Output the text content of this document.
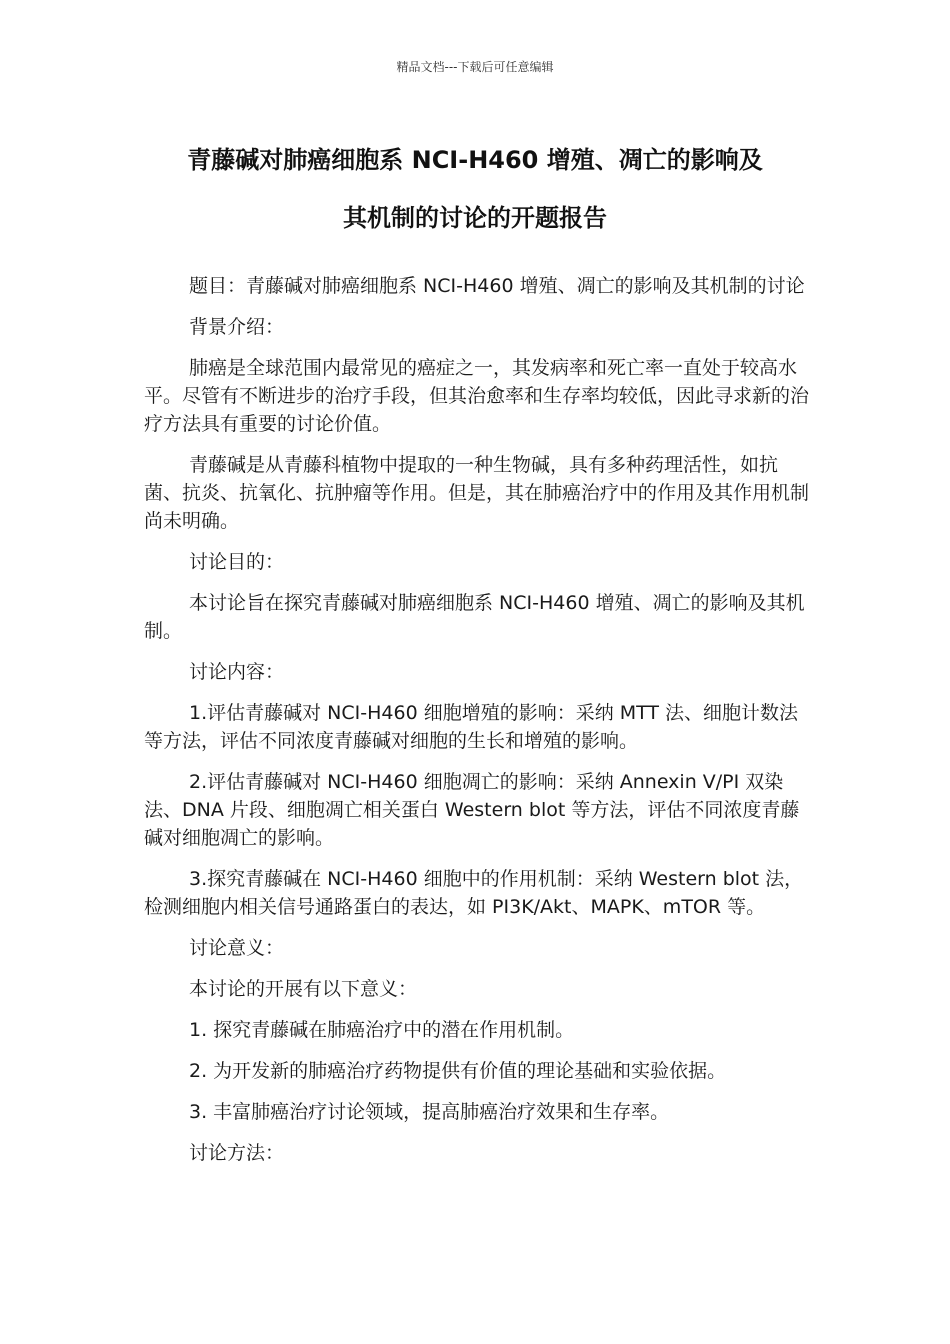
精品文档---下载后可任意编辑
青藤碱对肺癌细胞系 NCI-H460 增殖、凋亡的影响及
其机制的讨论的开题报告

题目：青藤碱对肺癌细胞系 NCI-H460 增殖、凋亡的影响及其机制的讨论

背景介绍：

肺癌是全球范围内最常见的癌症之一，其发病率和死亡率一直处于较高水平。尽管有不断进步的治疗手段，但其治愈率和生存率均较低，因此寻求新的治疗方法具有重要的讨论价值。

青藤碱是从青藤科植物中提取的一种生物碱，具有多种药理活性，如抗菌、抗炎、抗氧化、抗肿瘤等作用。但是，其在肺癌治疗中的作用及其作用机制尚未明确。

讨论目的：

本讨论旨在探究青藤碱对肺癌细胞系 NCI-H460 增殖、凋亡的影响及其机制。

讨论内容：

1.评估青藤碱对 NCI-H460 细胞增殖的影响：采纳 MTT 法、细胞计数法等方法，评估不同浓度青藤碱对细胞的生长和增殖的影响。

2.评估青藤碱对 NCI-H460 细胞凋亡的影响：采纳 Annexin V/PI 双染法、DNA 片段、细胞凋亡相关蛋白 Western blot 等方法，评估不同浓度青藤碱对细胞凋亡的影响。

3.探究青藤碱在 NCI-H460 细胞中的作用机制：采纳 Western blot 法，检测细胞内相关信号通路蛋白的表达，如 PI3K/Akt、MAPK、mTOR 等。

讨论意义：

本讨论的开展有以下意义：

1. 探究青藤碱在肺癌治疗中的潜在作用机制。

2. 为开发新的肺癌治疗药物提供有价值的理论基础和实验依据。

3. 丰富肺癌治疗讨论领域，提高肺癌治疗效果和生存率。

讨论方法：
